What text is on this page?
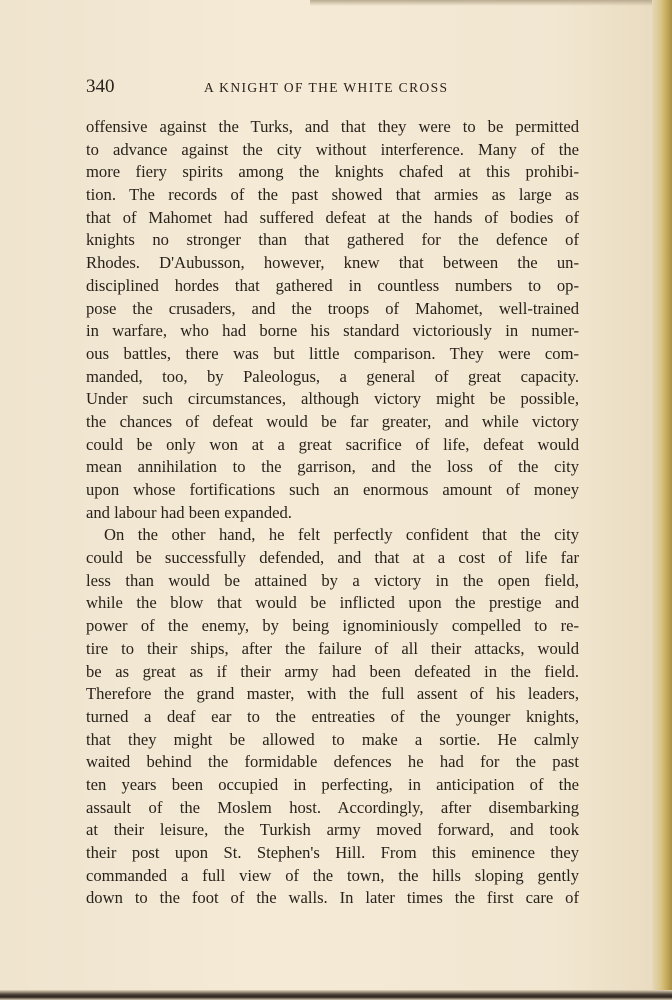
340	A KNIGHT OF THE WHITE CROSS
offensive against the Turks, and that they were to be permitted
to advance against the city without interference. Many of the
more fiery spirits among the knights chafed at this prohibi-
tion. The records of the past showed that armies as large as
that of Mahomet had suffered defeat at the hands of bodies of
knights no stronger than that gathered for the defence of
Rhodes. D'Aubusson, however, knew that between the un-
disciplined hordes that gathered in countless numbers to op-
pose the crusaders, and the troops of Mahomet, well-trained
in warfare, who had borne his standard victoriously in numer-
ous battles, there was but little comparison. They were com-
manded, too, by Paleologus, a general of great capacity.
Under such circumstances, although victory might be possible,
the chances of defeat would be far greater, and while victory
could be only won at a great sacrifice of life, defeat would
mean annihilation to the garrison, and the loss of the city
upon whose fortifications such an enormous amount of money
and labour had been expanded.
On the other hand, he felt perfectly confident that the city
could be successfully defended, and that at a cost of life far
less than would be attained by a victory in the open field,
while the blow that would be inflicted upon the prestige and
power of the enemy, by being ignominiously compelled to re-
tire to their ships, after the failure of all their attacks, would
be as great as if their army had been defeated in the field.
Therefore the grand master, with the full assent of his leaders,
turned a deaf ear to the entreaties of the younger knights,
that they might be allowed to make a sortie. He calmly
waited behind the formidable defences he had for the past
ten years been occupied in perfecting, in anticipation of the
assault of the Moslem host. Accordingly, after disembarking
at their leisure, the Turkish army moved forward, and took
their post upon St. Stephen's Hill. From this eminence they
commanded a full view of the town, the hills sloping gently
down to the foot of the walls. In later times the first care of
